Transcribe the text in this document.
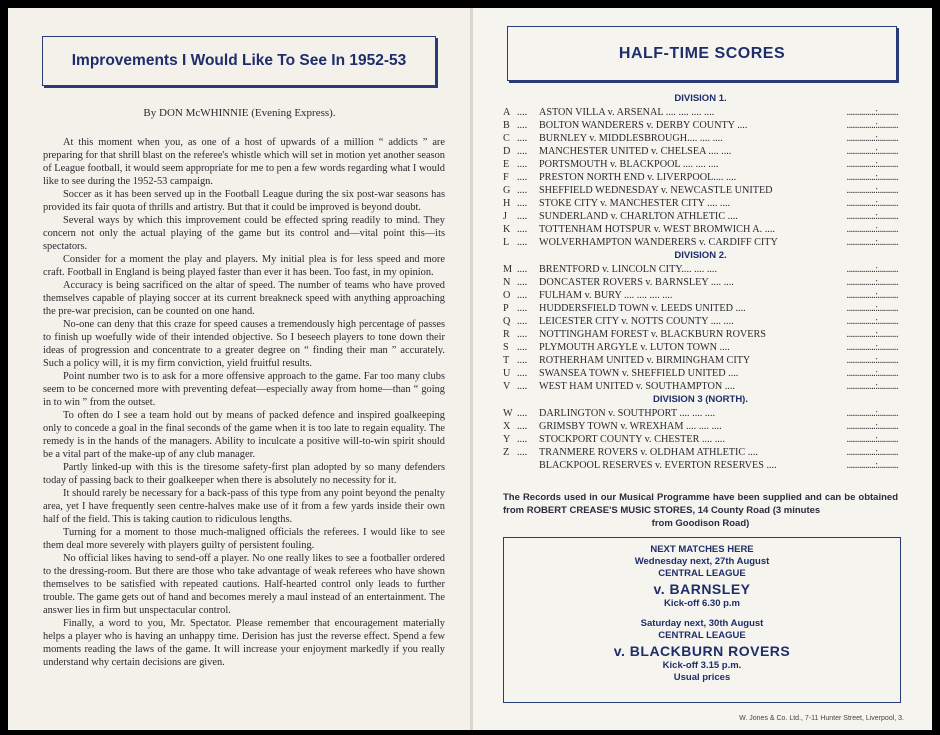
Improvements I Would Like To See In 1952-53
By DON McWHINNIE (Evening Express).

At this moment when you, as one of a host of upwards of a million “ addicts ” are preparing for that shrill blast on the referee's whistle which will set in motion yet another season of League football, it would seem appropriate for me to pen a few words regarding what I would like to see during the 1952-53 campaign.

Soccer as it has been served up in the Football League during the six post-war seasons has provided its fair quota of thrills and artistry. But that it could be improved is beyond doubt.

Several ways by which this improvement could be effected spring readily to mind. They concern not only the actual playing of the game but its control and—vital point this—its spectators.

Consider for a moment the play and players. My initial plea is for less speed and more craft. Football in England is being played faster than ever it has been. Too fast, in my opinion.

Accuracy is being sacrificed on the altar of speed. The number of teams who have proved themselves capable of playing soccer at its current breakneck speed with anything approaching the pre-war precision, can be counted on one hand.

No-one can deny that this craze for speed causes a tremendously high percentage of passes to finish up woefully wide of their intended objective. So I beseech players to tone down their ideas of progression and concentrate to a greater degree on “ finding their man ” accurately. Such a policy will, it is my firm conviction, yield fruitful results.

Point number two is to ask for a more offensive approach to the game. Far too many clubs seem to be concerned more with preventing defeat—especially away from home—than “ going in to win ” from the outset.

To often do I see a team hold out by means of packed defence and inspired goalkeeping only to concede a goal in the final seconds of the game when it is too late to regain equality. The remedy is in the hands of the managers. Ability to inculcate a positive will-to-win spirit should be a vital part of the make-up of any club manager.

Partly linked-up with this is the tiresome safety-first plan adopted by so many defenders today of passing back to their goalkeeper when there is absolutely no necessity for it.

It should rarely be necessary for a back-pass of this type from any point beyond the penalty area, yet I have frequently seen centre-halves make use of it from a few yards inside their own half of the field. This is taking caution to ridiculous lengths.

Turning for a moment to those much-maligned officials the referees. I would like to see them deal more severely with players guilty of persistent fouling.

No official likes having to send-off a player. No one really likes to see a footballer ordered to the dressing-room. But there are those who take advantage of weak referees who have shown themselves to be satisfied with repeated cautions. Half-hearted control only leads to further trouble. The game gets out of hand and becomes merely a maul instead of an entertainment. The answer lies in firm but unspectacular control.

Finally, a word to you, Mr. Spectator. Please remember that encouragement materially helps a player who is having an unhappy time. Derision has just the reverse effect. Spend a few moments reading the laws of the game. It will increase your enjoyment markedly if you really understand why certain decisions are given.

HALF-TIME SCORES
DIVISION 1.
A ....	ASTON VILLA v. ARSENAL .... .... .... ....	..............:..........
B ....	BOLTON WANDERERS v. DERBY COUNTY ....	..............:..........
C ....	BURNLEY v. MIDDLESBROUGH.... .... ....	..............:..........
D ....	MANCHESTER UNITED v. CHELSEA .... ....	..............:..........
E ....	PORTSMOUTH v. BLACKPOOL .... .... ....	..............:..........
F ....	PRESTON NORTH END v. LIVERPOOL.... ....	..............:..........
G ....	SHEFFIELD WEDNESDAY v. NEWCASTLE UNITED	..............:..........
H ....	STOKE CITY v. MANCHESTER CITY .... ....	..............:..........
J ....	SUNDERLAND v. CHARLTON ATHLETIC ....	..............:..........
K ....	TOTTENHAM HOTSPUR v. WEST BROMWICH A. ....	..............:..........
L ....	WOLVERHAMPTON WANDERERS v. CARDIFF CITY	..............:..........
DIVISION 2.
M ....	BRENTFORD v. LINCOLN CITY.... .... ....	..............:..........
N ....	DONCASTER ROVERS v. BARNSLEY .... ....	..............:..........
O ....	FULHAM v. BURY .... .... .... ....	..............:..........
P ....	HUDDERSFIELD TOWN v. LEEDS UNITED ....	..............:..........
Q ....	LEICESTER CITY v. NOTTS COUNTY .... ....	..............:..........
R ....	NOTTINGHAM FOREST v. BLACKBURN ROVERS	..............:..........
S ....	PLYMOUTH ARGYLE v. LUTON TOWN ....	..............:..........
T ....	ROTHERHAM UNITED v. BIRMINGHAM CITY	..............:..........
U ....	SWANSEA TOWN v. SHEFFIELD UNITED ....	..............:..........
V ....	WEST HAM UNITED v. SOUTHAMPTON ....	..............:..........
DIVISION 3 (NORTH).
W ....	DARLINGTON v. SOUTHPORT .... .... ....	..............:..........
X ....	GRIMSBY TOWN v. WREXHAM .... .... ....	..............:..........
Y ....	STOCKPORT COUNTY v. CHESTER .... ....	..............:..........
Z ....	TRANMERE ROVERS v. OLDHAM ATHLETIC ....	..............:..........
BLACKPOOL RESERVES v. EVERTON RESERVES ....	..............:..........
The Records used in our Musical Programme have been supplied and can be obtained from ROBERT CREASE'S MUSIC STORES, 14 County Road (3 minutes
from Goodison Road)
NEXT MATCHES HERE
Wednesday next, 27th August
CENTRAL LEAGUE
v. BARNSLEY
Kick-off 6.30 p.m
Saturday next, 30th August
CENTRAL LEAGUE
v. BLACKBURN ROVERS
Kick-off 3.15 p.m.
Usual prices
W. Jones & Co. Ltd., 7-11 Hunter Street, Liverpool, 3.
